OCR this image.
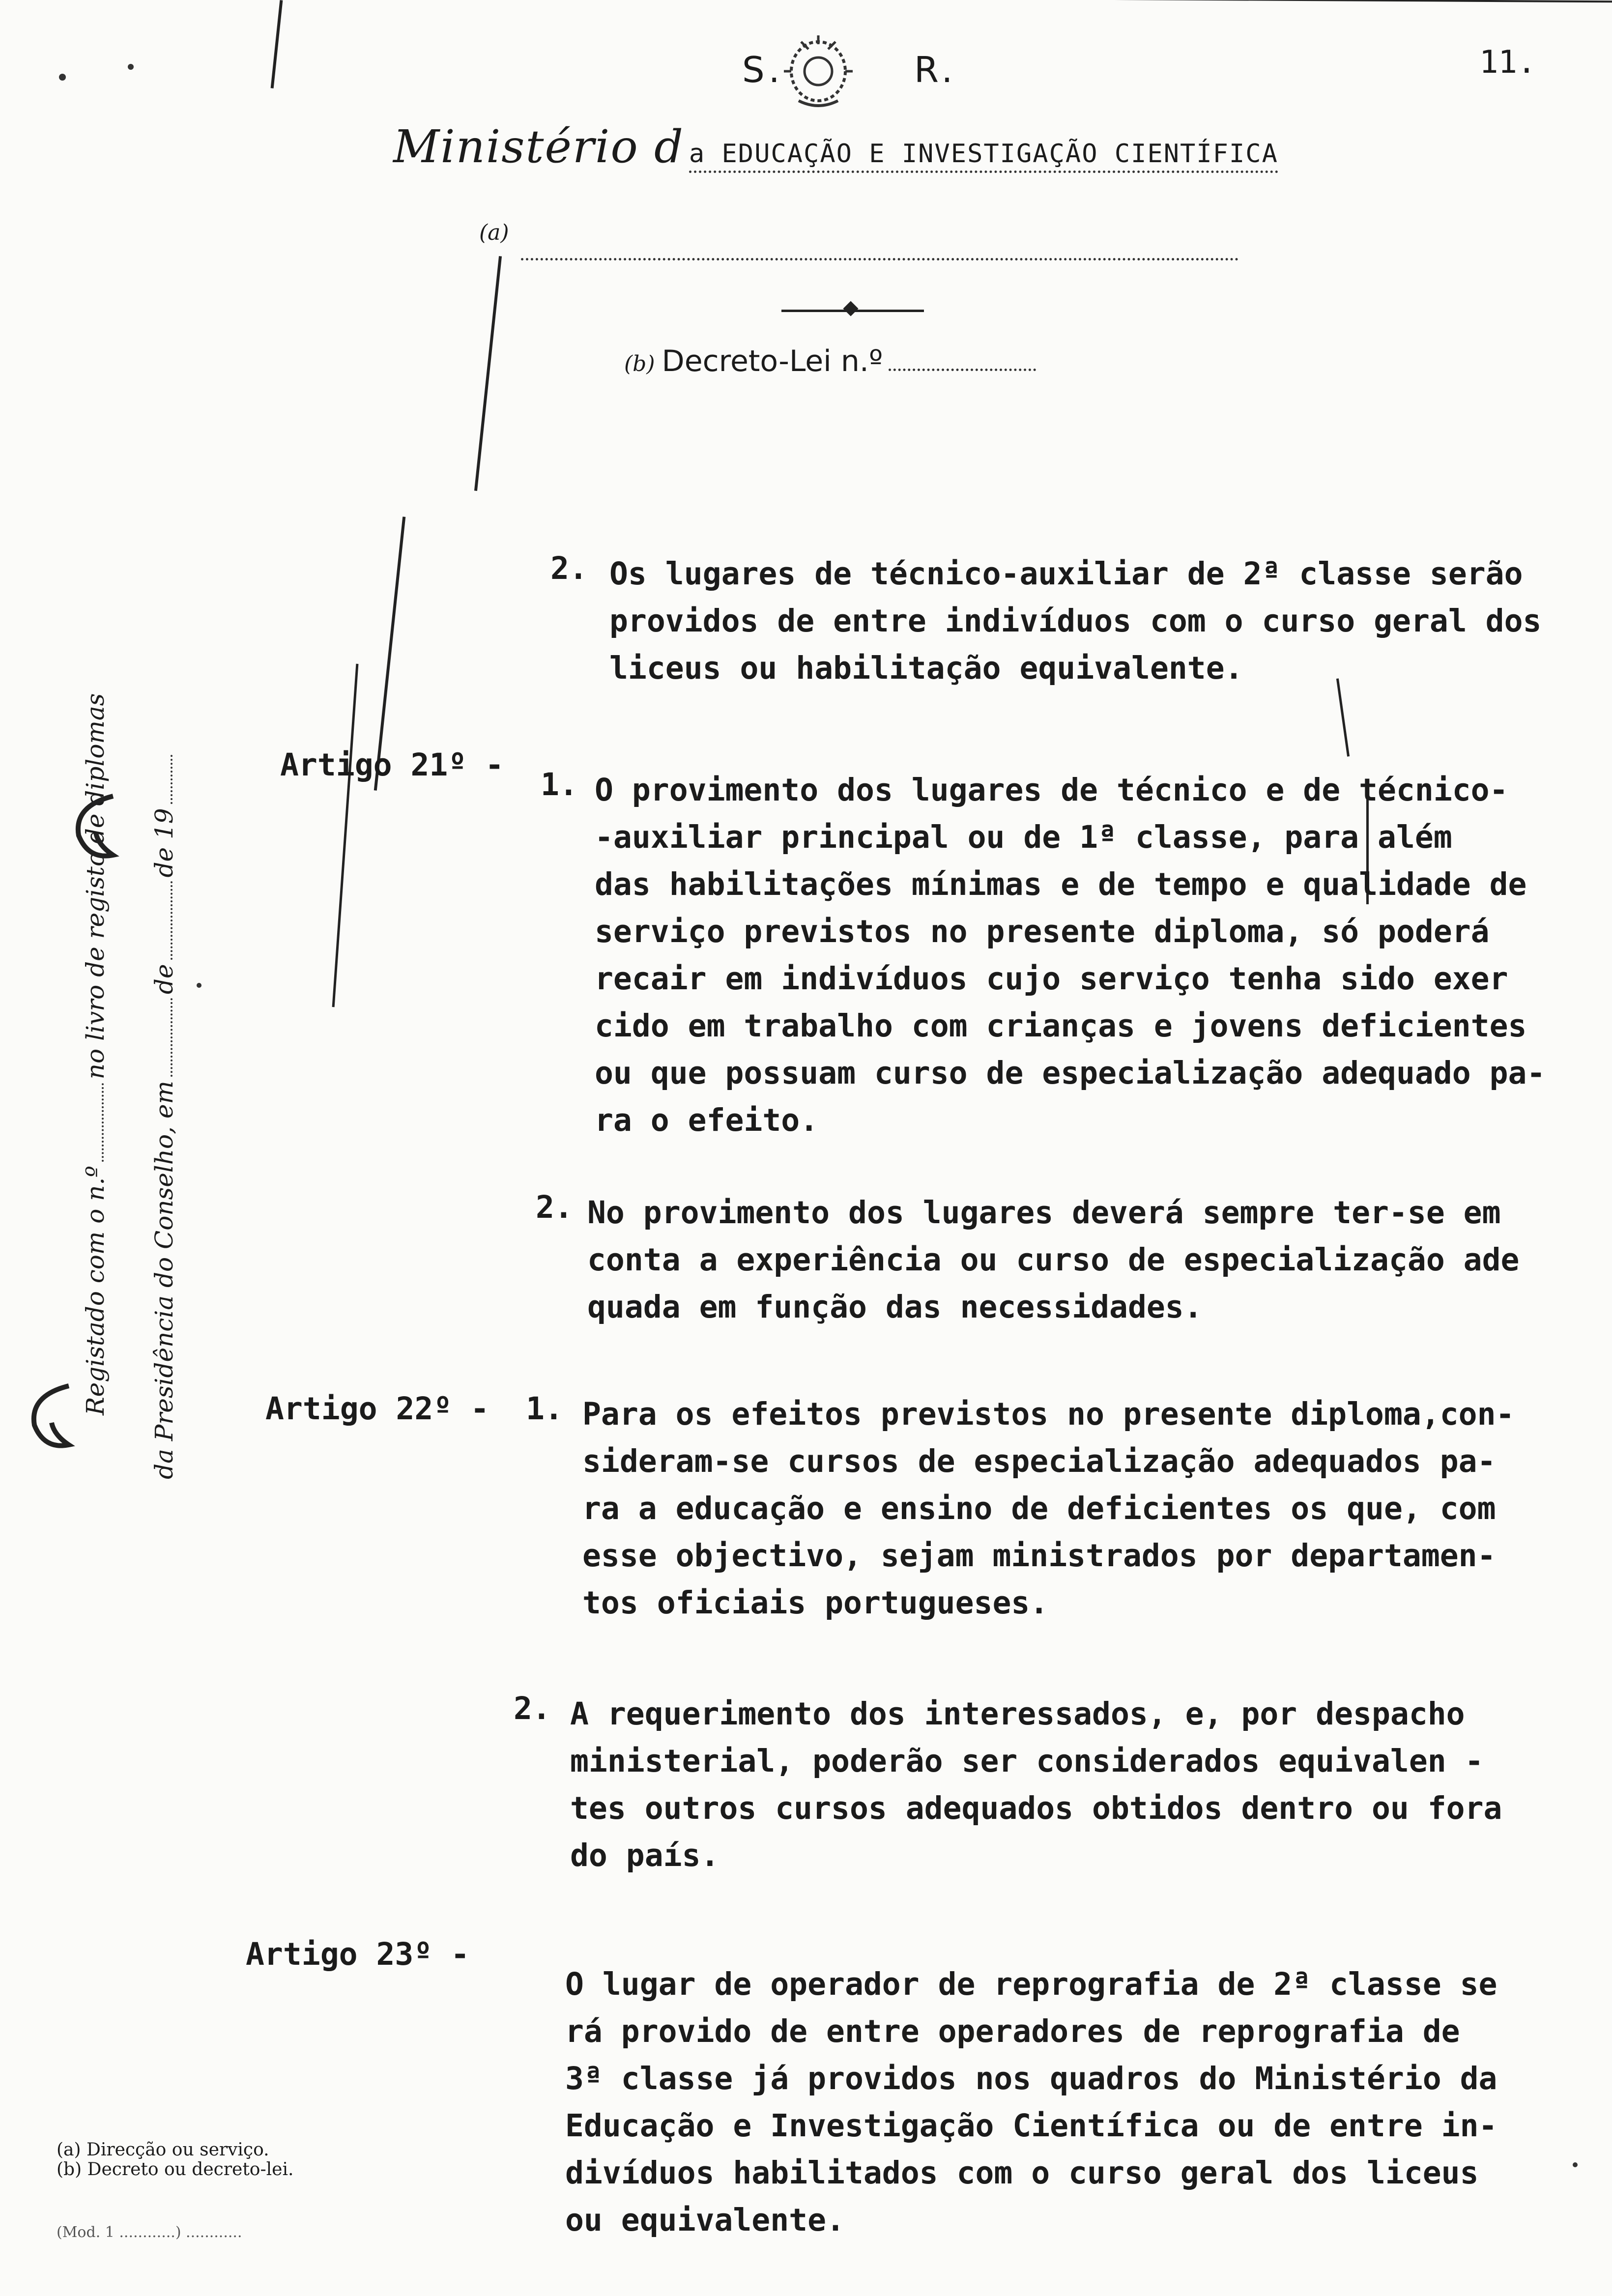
S.	R.	11.
Ministério d a EDUCAÇÃO E INVESTIGAÇÃO CIENTÍFICA
(a)
(b) Decreto-Lei n.º
Registado com o n.ºno livro de registo de diplomas
da Presidência do Conselho, emdede 19
2. Os lugares de técnico-auxiliar de 2ª classe serão
providos de entre indivíduos com o curso geral dos
liceus ou habilitação equivalente.
Artigo 21º -
1. O provimento dos lugares de técnico e de técnico-
-auxiliar principal ou de 1ª classe, para além
das habilitações mínimas e de tempo e qualidade de
serviço previstos no presente diploma, só poderá
recair em indivíduos cujo serviço tenha sido exer
cido em trabalho com crianças e jovens deficientes
ou que possuam curso de especialização adequado pa-
ra o efeito.
2. No provimento dos lugares deverá sempre ter-se em
conta a experiência ou curso de especialização ade
quada em função das necessidades.
Artigo 22º - 1. Para os efeitos previstos no presente diploma,con-
sideram-se cursos de especialização adequados pa-
ra a educação e ensino de deficientes os que, com
esse objectivo, sejam ministrados por departamen-
tos oficiais portugueses.
2. A requerimento dos interessados, e, por despacho
ministerial, poderão ser considerados equivalen -
tes outros cursos adequados obtidos dentro ou fora
do país.
Artigo 23º -
O lugar de operador de reprografia de 2ª classe se
rá provido de entre operadores de reprografia de
3ª classe já providos nos quadros do Ministério da
Educação e Investigação Científica ou de entre in-
divíduos habilitados com o curso geral dos liceus
ou equivalente.
(a) Direcção ou serviço.
(b) Decreto ou decreto-lei.
(Mod. 1 ............) ............
